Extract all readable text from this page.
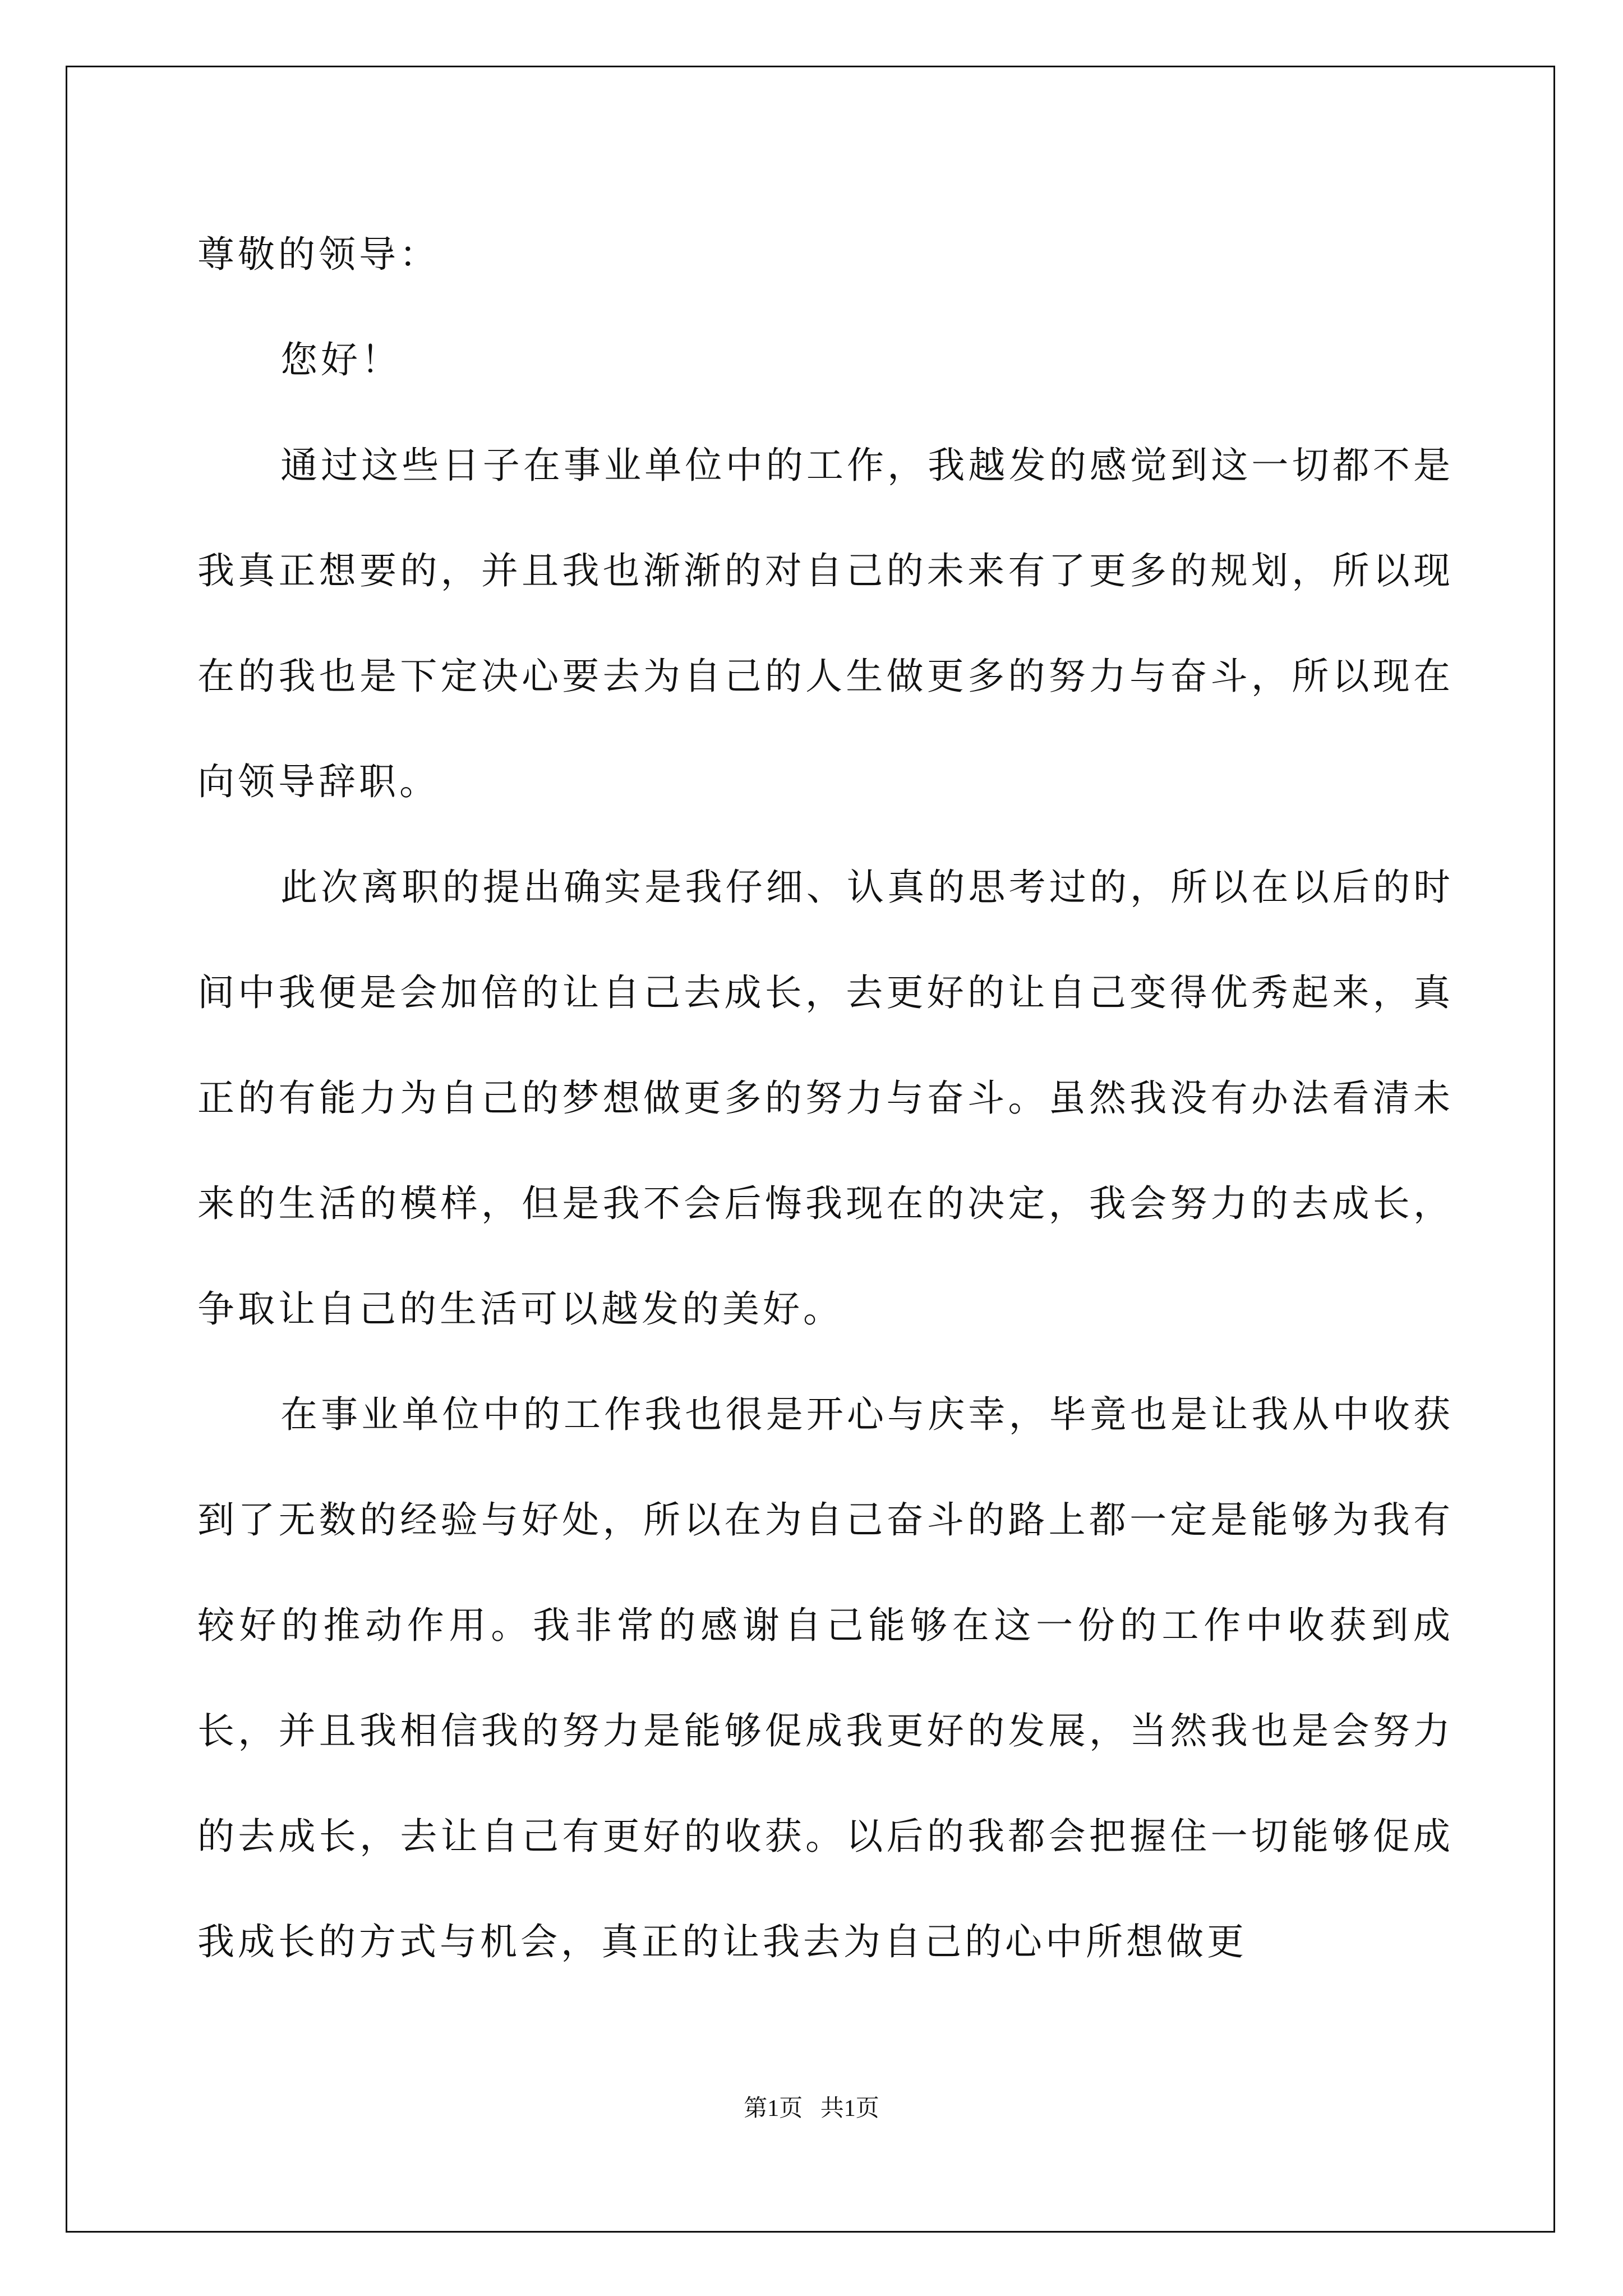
尊敬的领导：

您好！

通过这些日子在事业单位中的工作，我越发的感觉到这一切都不是我真正想要的，并且我也渐渐的对自己的未来有了更多的规划，所以现在的我也是下定决心要去为自己的人生做更多的努力与奋斗，所以现在向领导辞职。

此次离职的提出确实是我仔细、认真的思考过的，所以在以后的时间中我便是会加倍的让自己去成长，去更好的让自己变得优秀起来，真正的有能力为自己的梦想做更多的努力与奋斗。虽然我没有办法看清未来的生活的模样，但是我不会后悔我现在的决定，我会努力的去成长，争取让自己的生活可以越发的美好。

在事业单位中的工作我也很是开心与庆幸，毕竟也是让我从中收获到了无数的经验与好处，所以在为自己奋斗的路上都一定是能够为我有较好的推动作用。我非常的感谢自己能够在这一份的工作中收获到成长，并且我相信我的努力是能够促成我更好的发展，当然我也是会努力的去成长，去让自己有更好的收获。以后的我都会把握住一切能够促成我成长的方式与机会，真正的让我去为自己的心中所想做更

第1页   共1页
